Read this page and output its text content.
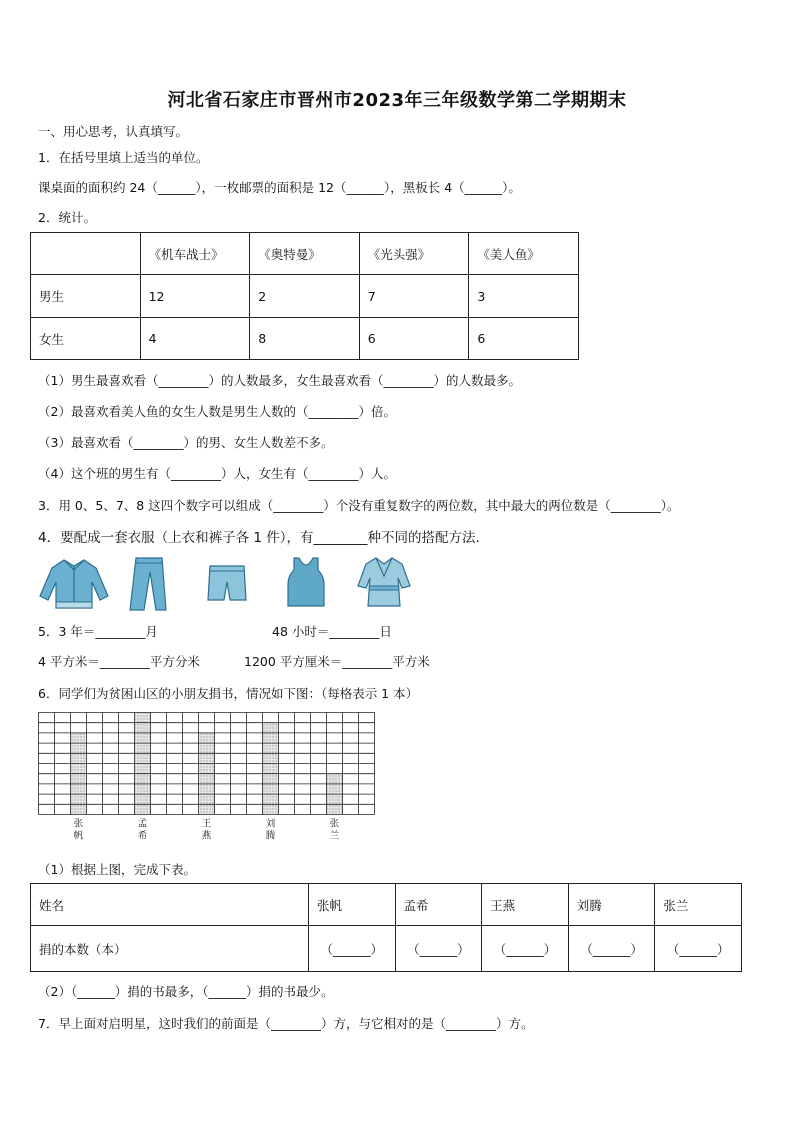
河北省石家庄市晋州市2023年三年级数学第二学期期末
一、用心思考，认真填写。
1．在括号里填上适当的单位。
课桌面的面积约 24（______），一枚邮票的面积是 12（______），黑板长 4（______）。
2．统计。
	《机车战士》	《奥特曼》	《光头强》	《美人鱼》
男生	12	2	7	3
女生	4	8	6	6
（1）男生最喜欢看（________）的人数最多，女生最喜欢看（________）的人数最多。
（2）最喜欢看美人鱼的女生人数是男生人数的（________）倍。
（3）最喜欢看（________）的男、女生人数差不多。
（4）这个班的男生有（________）人，女生有（________）人。
3．用 0、5、7、8 这四个数字可以组成（________）个没有重复数字的两位数，其中最大的两位数是（________）。
4．要配成一套衣服（上衣和裤子各 1 件），有________种不同的搭配方法.
5．3 年＝________月	48 小时＝________日
4 平方米＝________平方分米	1200 平方厘米＝________平方米
6．同学们为贫困山区的小朋友捐书，情况如下图：（每格表示 1 本）
张
帆
孟
希
王
燕
刘
腾
张
兰
（1）根据上图，完成下表。
姓名	张帆	孟希	王燕	刘腾	张兰
捐的本数（本）	（______）	（______）	（______）	（______）	（______）
（2）（______）捐的书最多，（______）捐的书最少。
7．早上面对启明星，这时我们的前面是（________）方，与它相对的是（________）方。
